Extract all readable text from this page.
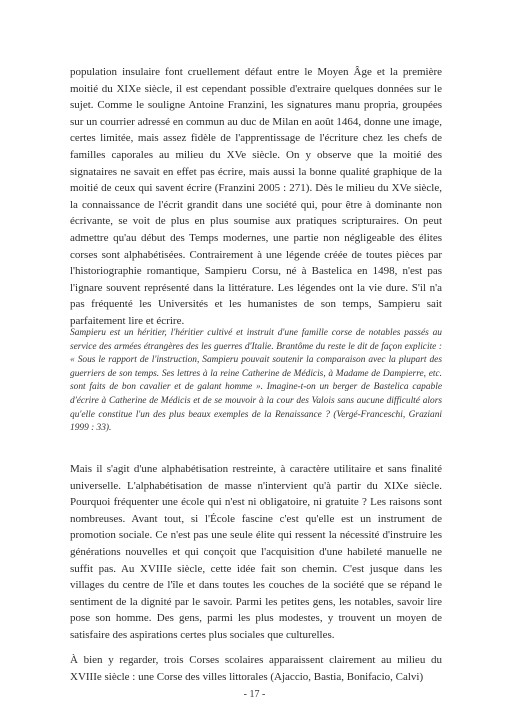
population insulaire font cruellement défaut entre le Moyen Âge et la première moitié du XIXe siècle, il est cependant possible d'extraire quelques données sur le sujet. Comme le souligne Antoine Franzini, les signatures manu propria, groupées sur un courrier adressé en commun au duc de Milan en août 1464, donne une image, certes limitée, mais assez fidèle de l'apprentissage de l'écriture chez les chefs de familles caporales au milieu du XVe siècle. On y observe que la moitié des signataires ne savait en effet pas écrire, mais aussi la bonne qualité graphique de la moitié de ceux qui savent écrire (Franzini 2005 : 271). Dès le milieu du XVe siècle, la connaissance de l'écrit grandit dans une société qui, pour être à dominante non écrivante, se voit de plus en plus soumise aux pratiques scripturaires. On peut admettre qu'au début des Temps modernes, une partie non négligeable des élites corses sont alphabétisées. Contrairement à une légende créée de toutes pièces par l'historiographie romantique, Sampieru Corsu, né à Bastelica en 1498, n'est pas l'ignare souvent représenté dans la littérature. Les légendes ont la vie dure. S'il n'a pas fréquenté les Universités et les humanistes de son temps, Sampieru sait parfaitement lire et écrire.

Sampieru est un héritier, l'héritier cultivé et instruit d'une famille corse de notables passés au service des armées étrangères des les guerres d'Italie. Brantôme du reste le dit de façon explicite : « Sous le rapport de l'instruction, Sampieru pouvait soutenir la comparaison avec la plupart des guerriers de son temps. Ses lettres à la reine Catherine de Médicis, à Madame de Dampierre, etc. sont faits de bon cavalier et de galant homme ». Imagine-t-on un berger de Bastelica capable d'écrire à Catherine de Médicis et de se mouvoir à la cour des Valois sans aucune difficulté alors qu'elle constitue l'un des plus beaux exemples de la Renaissance ? (Vergé-Franceschi, Graziani 1999 : 33).

Mais il s'agit d'une alphabétisation restreinte, à caractère utilitaire et sans finalité universelle. L'alphabétisation de masse n'intervient qu'à partir du XIXe siècle. Pourquoi fréquenter une école qui n'est ni obligatoire, ni gratuite ? Les raisons sont nombreuses. Avant tout, si l'École fascine c'est qu'elle est un instrument de promotion sociale. Ce n'est pas une seule élite qui ressent la nécessité d'instruire les générations nouvelles et qui conçoit que l'acquisition d'une habileté manuelle ne suffit pas. Au XVIIIe siècle, cette idée fait son chemin. C'est jusque dans les villages du centre de l'île et dans toutes les couches de la société que se répand le sentiment de la dignité par le savoir. Parmi les petites gens, les notables, savoir lire pose son homme. Des gens, parmi les plus modestes, y trouvent un moyen de satisfaire des aspirations certes plus sociales que culturelles.

À bien y regarder, trois Corses scolaires apparaissent clairement au milieu du XVIIIe siècle : une Corse des villes littorales (Ajaccio, Bastia, Bonifacio, Calvi)

- 17 -
